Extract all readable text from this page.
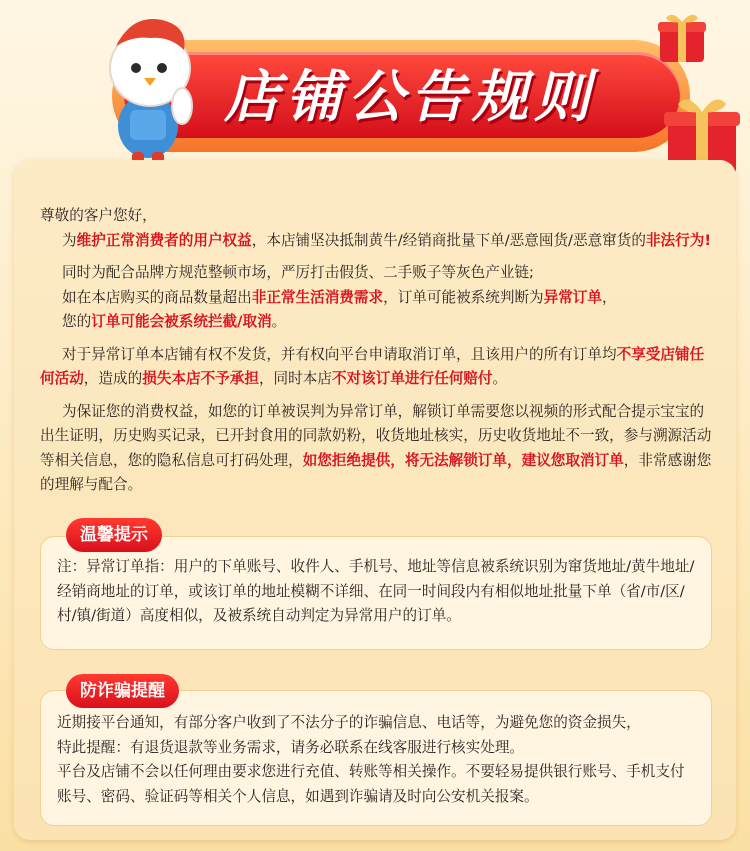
店铺公告规则

尊敬的客户您好，

为维护正常消费者的用户权益，本店铺坚决抵制黄牛/经销商批量下单/恶意囤货/恶意窜货的非法行为!

同时为配合品牌方规范整顿市场，严厉打击假货、二手贩子等灰色产业链;

如在本店购买的商品数量超出非正常生活消费需求，订单可能被系统判断为异常订单，

您的订单可能会被系统拦截/取消。

对于异常订单本店铺有权不发货，并有权向平台申请取消订单，且该用户的所有订单均不享受店铺任何活动，造成的损失本店不予承担，同时本店不对该订单进行任何赔付。

为保证您的消费权益，如您的订单被误判为异常订单，解锁订单需要您以视频的形式配合提示宝宝的出生证明，历史购买记录，已开封食用的同款奶粉，收货地址核实，历史收货地址不一致，参与溯源活动等相关信息，您的隐私信息可打码处理，如您拒绝提供，将无法解锁订单，建议您取消订单，非常感谢您的理解与配合。

注：异常订单指：用户的下单账号、收件人、手机号、地址等信息被系统识别为窜货地址/黄牛地址/经销商地址的订单，或该订单的地址模糊不详细、在同一时间段内有相似地址批量下单（省/市/区/村/镇/街道）高度相似，及被系统自动判定为异常用户的订单。
温馨提示
近期接平台通知，有部分客户收到了不法分子的诈骗信息、电话等，为避免您的资金损失，
特此提醒：有退货退款等业务需求，请务必联系在线客服进行核实处理。
平台及店铺不会以任何理由要求您进行充值、转账等相关操作。不要轻易提供银行账号、手机支付账号、密码、验证码等相关个人信息，如遇到诈骗请及时向公安机关报案。
防诈骗提醒
